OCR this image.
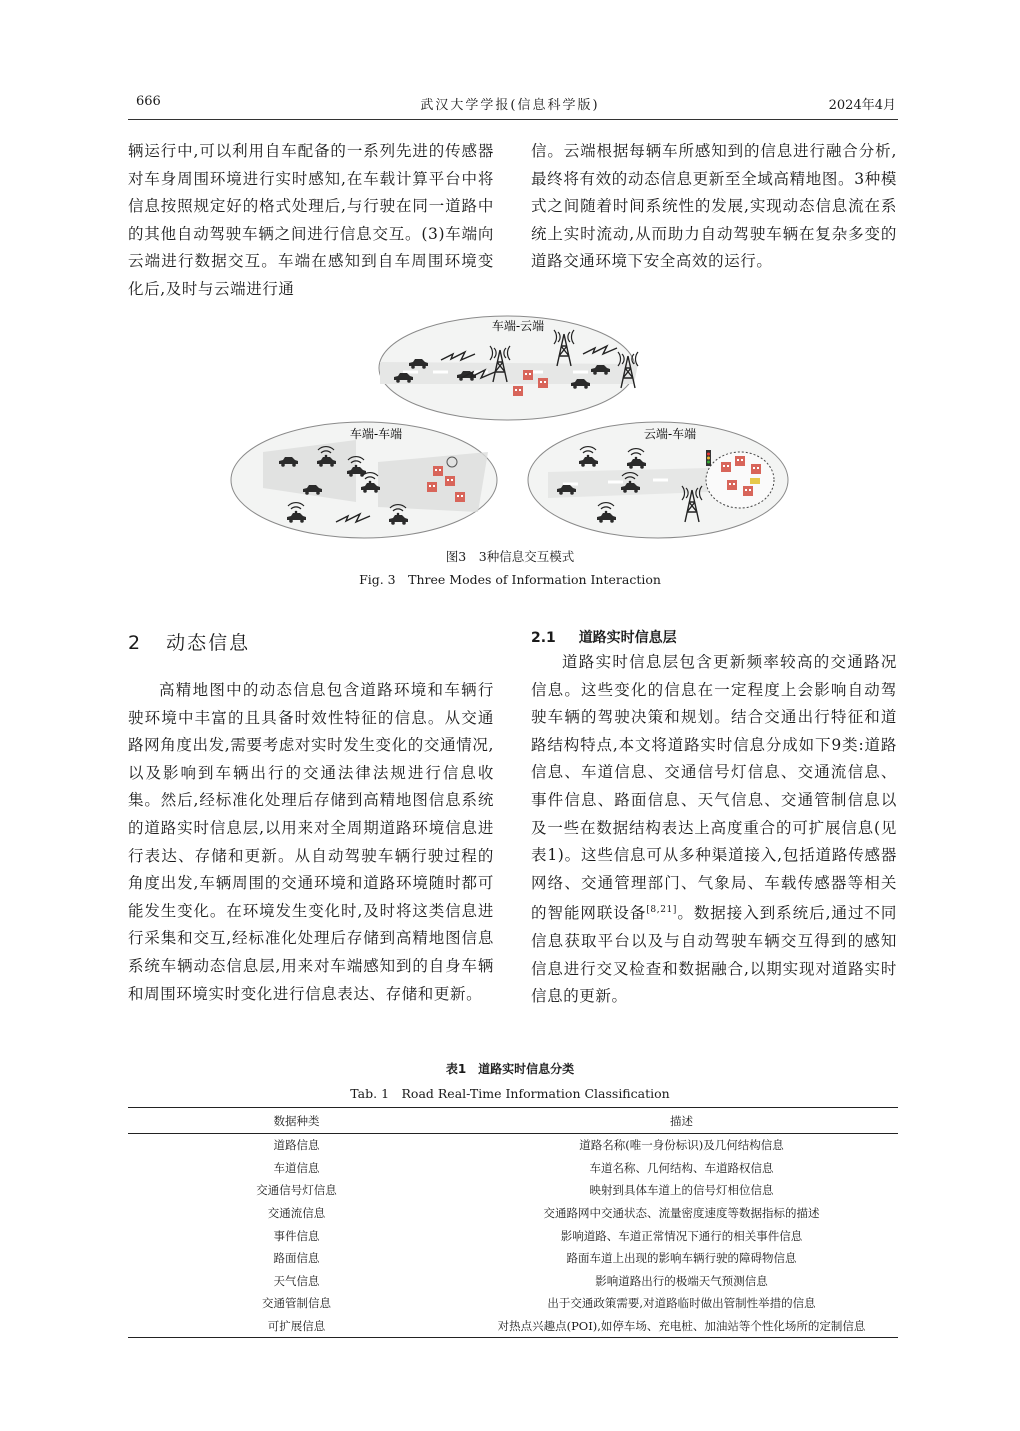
666	武汉大学学报(信息科学版)	2024年4月

辆运行中,可以利用自车配备的一系列先进的传感器对车身周围环境进行实时感知,在车载计算平台中将信息按照规定好的格式处理后,与行驶在同一道路中的其他自动驾驶车辆之间进行信息交互。(3)车端向云端进行数据交互。车端在感知到自车周围环境变化后,及时与云端进行通

信。云端根据每辆车所感知到的信息进行融合分析,最终将有效的动态信息更新至全域高精地图。3种模式之间随着时间系统性的发展,实现动态信息流在系统上实时流动,从而助力自动驾驶车辆在复杂多变的道路交通环境下安全高效的运行。

车端-云端
车端-车端	云端-车端
图3　3种信息交互模式
Fig. 3　Three Modes of Information Interaction
2 动态信息

高精地图中的动态信息包含道路环境和车辆行驶环境中丰富的且具备时效性特征的信息。从交通路网角度出发,需要考虑对实时发生变化的交通情况,以及影响到车辆出行的交通法律法规进行信息收集。然后,经标准化处理后存储到高精地图信息系统的道路实时信息层,以用来对全周期道路环境信息进行表达、存储和更新。从自动驾驶车辆行驶过程的角度出发,车辆周围的交通环境和道路环境随时都可能发生变化。在环境发生变化时,及时将这类信息进行采集和交互,经标准化处理后存储到高精地图信息系统车辆动态信息层,用来对车端感知到的自身车辆和周围环境实时变化进行信息表达、存储和更新。

2.1 道路实时信息层

道路实时信息层包含更新频率较高的交通路况信息。这些变化的信息在一定程度上会影响自动驾驶车辆的驾驶决策和规划。结合交通出行特征和道路结构特点,本文将道路实时信息分成如下9类:道路信息、车道信息、交通信号灯信息、交通流信息、事件信息、路面信息、天气信息、交通管制信息以及一些在数据结构表达上高度重合的可扩展信息(见表1)。这些信息可从多种渠道接入,包括道路传感器网络、交通管理部门、气象局、车载传感器等相关的智能网联设备[8,21]。数据接入到系统后,通过不同信息获取平台以及与自动驾驶车辆交互得到的感知信息进行交叉检查和数据融合,以期实现对道路实时信息的更新。

表1　道路实时信息分类
Tab. 1　Road Real-Time Information Classification
数据种类	描述
道路信息	道路名称(唯一身份标识)及几何结构信息
车道信息	车道名称、几何结构、车道路权信息
交通信号灯信息	映射到具体车道上的信号灯相位信息
交通流信息	交通路网中交通状态、流量密度速度等数据指标的描述
事件信息	影响道路、车道正常情况下通行的相关事件信息
路面信息	路面车道上出现的影响车辆行驶的障碍物信息
天气信息	影响道路出行的极端天气预测信息
交通管制信息	出于交通政策需要,对道路临时做出管制性举措的信息
可扩展信息	对热点兴趣点(POI),如停车场、充电桩、加油站等个性化场所的定制信息
